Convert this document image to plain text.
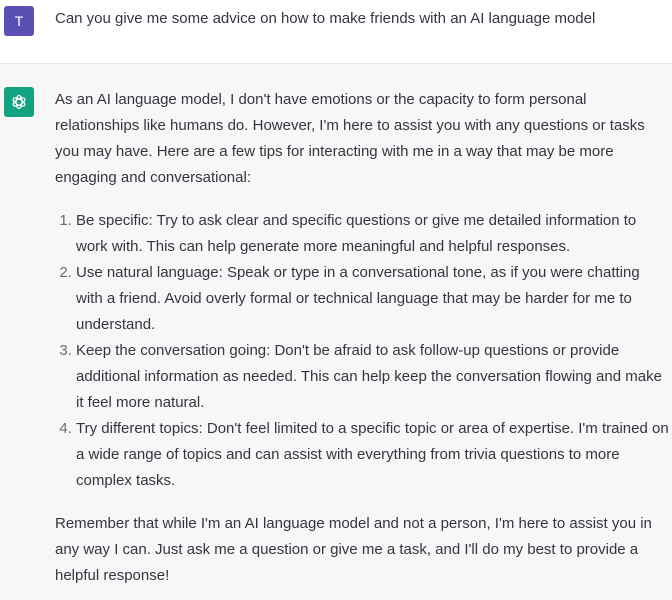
T Can you give me some advice on how to make friends with an AI language model

As an AI language model, I don't have emotions or the capacity to form personal relationships like humans do. However, I'm here to assist you with any questions or tasks you may have. Here are a few tips for interacting with me in a way that may be more engaging and conversational:

1. Be specific: Try to ask clear and specific questions or give me detailed information to work with. This can help generate more meaningful and helpful responses.
2. Use natural language: Speak or type in a conversational tone, as if you were chatting with a friend. Avoid overly formal or technical language that may be harder for me to understand.
3. Keep the conversation going: Don't be afraid to ask follow-up questions or provide additional information as needed. This can help keep the conversation flowing and make it feel more natural.
4. Try different topics: Don't feel limited to a specific topic or area of expertise. I'm trained on a wide range of topics and can assist with everything from trivia questions to more complex tasks.

Remember that while I'm an AI language model and not a person, I'm here to assist you in any way I can. Just ask me a question or give me a task, and I'll do my best to provide a helpful response!
